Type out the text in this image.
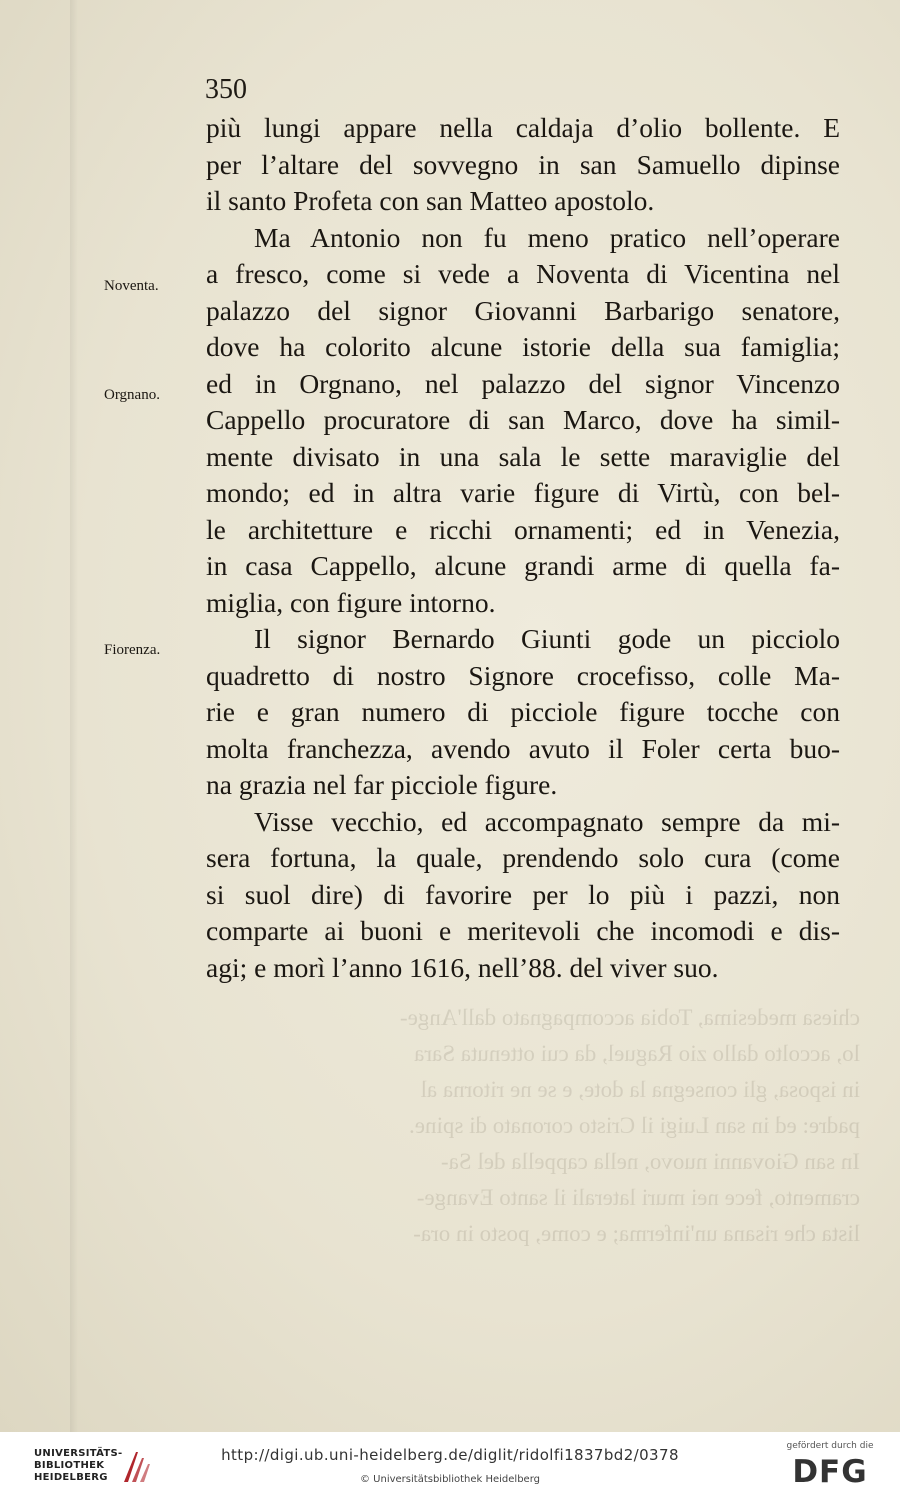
chiesa medesima, Tobia accompagnato dall'Ange-
lo, accolto dallo zio Raguel, da cui ottenuta Sara
in isposa, gli consegna la dote, e se ne ritorna al
padre: ed in san Luigi il Cristo coronato di spine.
In san Giovanni nuovo, nella cappella del Sa-
cramento, fece nei muri laterali il santo Evange-
lista che risana un'inferma; e come, posto in ora-
350
Noventa.
Orgnano.
Fiorenza.
più lungi appare nella caldaja d’olio bollente. E
per l’altare del sovvegno in san Samuello dipinse
il santo Profeta con san Matteo apostolo.
Ma Antonio non fu meno pratico nell’operare
a fresco, come si vede a Noventa di Vicentina nel
palazzo del signor Giovanni Barbarigo senatore,
dove ha colorito alcune istorie della sua famiglia;
ed in Orgnano, nel palazzo del signor Vincenzo
Cappello procuratore di san Marco, dove ha simil-
mente divisato in una sala le sette maraviglie del
mondo; ed in altra varie figure di Virtù, con bel-
le architetture e ricchi ornamenti; ed in Venezia,
in casa Cappello, alcune grandi arme di quella fa-
miglia, con figure intorno.
Il signor Bernardo Giunti gode un picciolo
quadretto di nostro Signore crocefisso, colle Ma-
rie e gran numero di picciole figure tocche con
molta franchezza, avendo avuto il Foler certa buo-
na grazia nel far picciole figure.
Visse vecchio, ed accompagnato sempre da mi-
sera fortuna, la quale, prendendo solo cura (come
si suol dire) di favorire per lo più i pazzi, non
comparte ai buoni e meritevoli che incomodi e dis-
agi; e morì l’anno 1616, nell’88. del viver suo.
UNIVERSITÄTS-
BIBLIOTHEK
HEIDELBERG
http://digi.ub.uni-heidelberg.de/diglit/ridolfi1837bd2/0378
© Universitätsbibliothek Heidelberg
gefördert durch die
DFG
